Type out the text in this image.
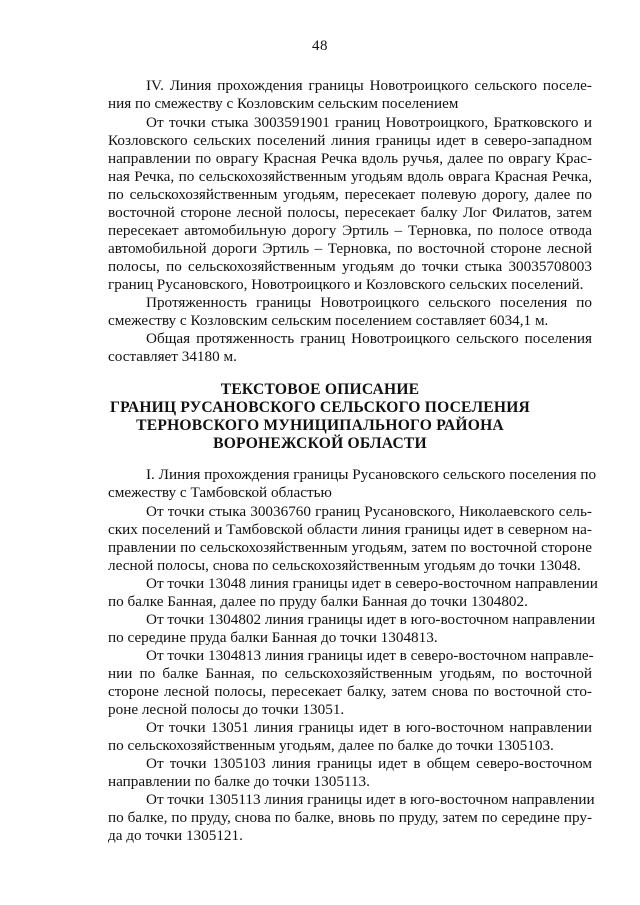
48

IV. Линия прохождения границы Новотроицкого сельского поселе-

ния по смежеству с Козловским сельским поселением

От точки стыка 3003591901 границ Новотроицкого, Братковского и

Козловского сельских поселений линия границы идет в северо-западном

направлении по оврагу Красная Речка вдоль ручья, далее по оврагу Крас-

ная Речка, по сельскохозяйственным угодьям вдоль оврага Красная Речка,

по сельскохозяйственным угодьям, пересекает полевую дорогу, далее по

восточной стороне лесной полосы, пересекает балку Лог Филатов, затем

пересекает автомобильную дорогу Эртиль – Терновка, по полосе отвода

автомобильной дороги Эртиль – Терновка, по восточной стороне лесной

полосы, по сельскохозяйственным угодьям до точки стыка 30035708003

границ Русановского, Новотроицкого и Козловского сельских поселений.

Протяженность границы Новотроицкого сельского поселения по

смежеству с Козловским сельским поселением составляет 6034,1 м.

Общая протяженность границ Новотроицкого сельского поселения

составляет 34180 м.

ТЕКСТОВОЕ ОПИСАНИЕ
ГРАНИЦ РУСАНОВСКОГО СЕЛЬСКОГО ПОСЕЛЕНИЯ
ТЕРНОВСКОГО МУНИЦИПАЛЬНОГО РАЙОНА
ВОРОНЕЖСКОЙ ОБЛАСТИ

I. Линия прохождения границы Русановского сельского поселения по

смежеству с Тамбовской областью

От точки стыка 30036760 границ Русановского, Николаевского сель-

ских поселений и Тамбовской области линия границы идет в северном на-

правлении по сельскохозяйственным угодьям, затем по восточной стороне

лесной полосы, снова по сельскохозяйственным угодьям до точки 13048.

От точки 13048 линия границы идет в северо-восточном направлении

по балке Банная, далее по пруду балки Банная до точки 1304802.

От точки 1304802 линия границы идет в юго-восточном направлении

по середине пруда балки Банная до точки 1304813.

От точки 1304813 линия границы идет в северо-восточном направле-

нии по балке Банная, по сельскохозяйственным угодьям, по восточной

стороне лесной полосы, пересекает балку, затем снова по восточной сто-

роне лесной полосы до точки 13051.

От точки 13051 линия границы идет в юго-восточном направлении

по сельскохозяйственным угодьям, далее по балке до точки 1305103.

От точки 1305103 линия границы идет в общем северо-восточном

направлении по балке до точки 1305113.

От точки 1305113 линия границы идет в юго-восточном направлении

по балке, по пруду, снова по балке, вновь по пруду, затем по середине пру-

да до точки 1305121.
